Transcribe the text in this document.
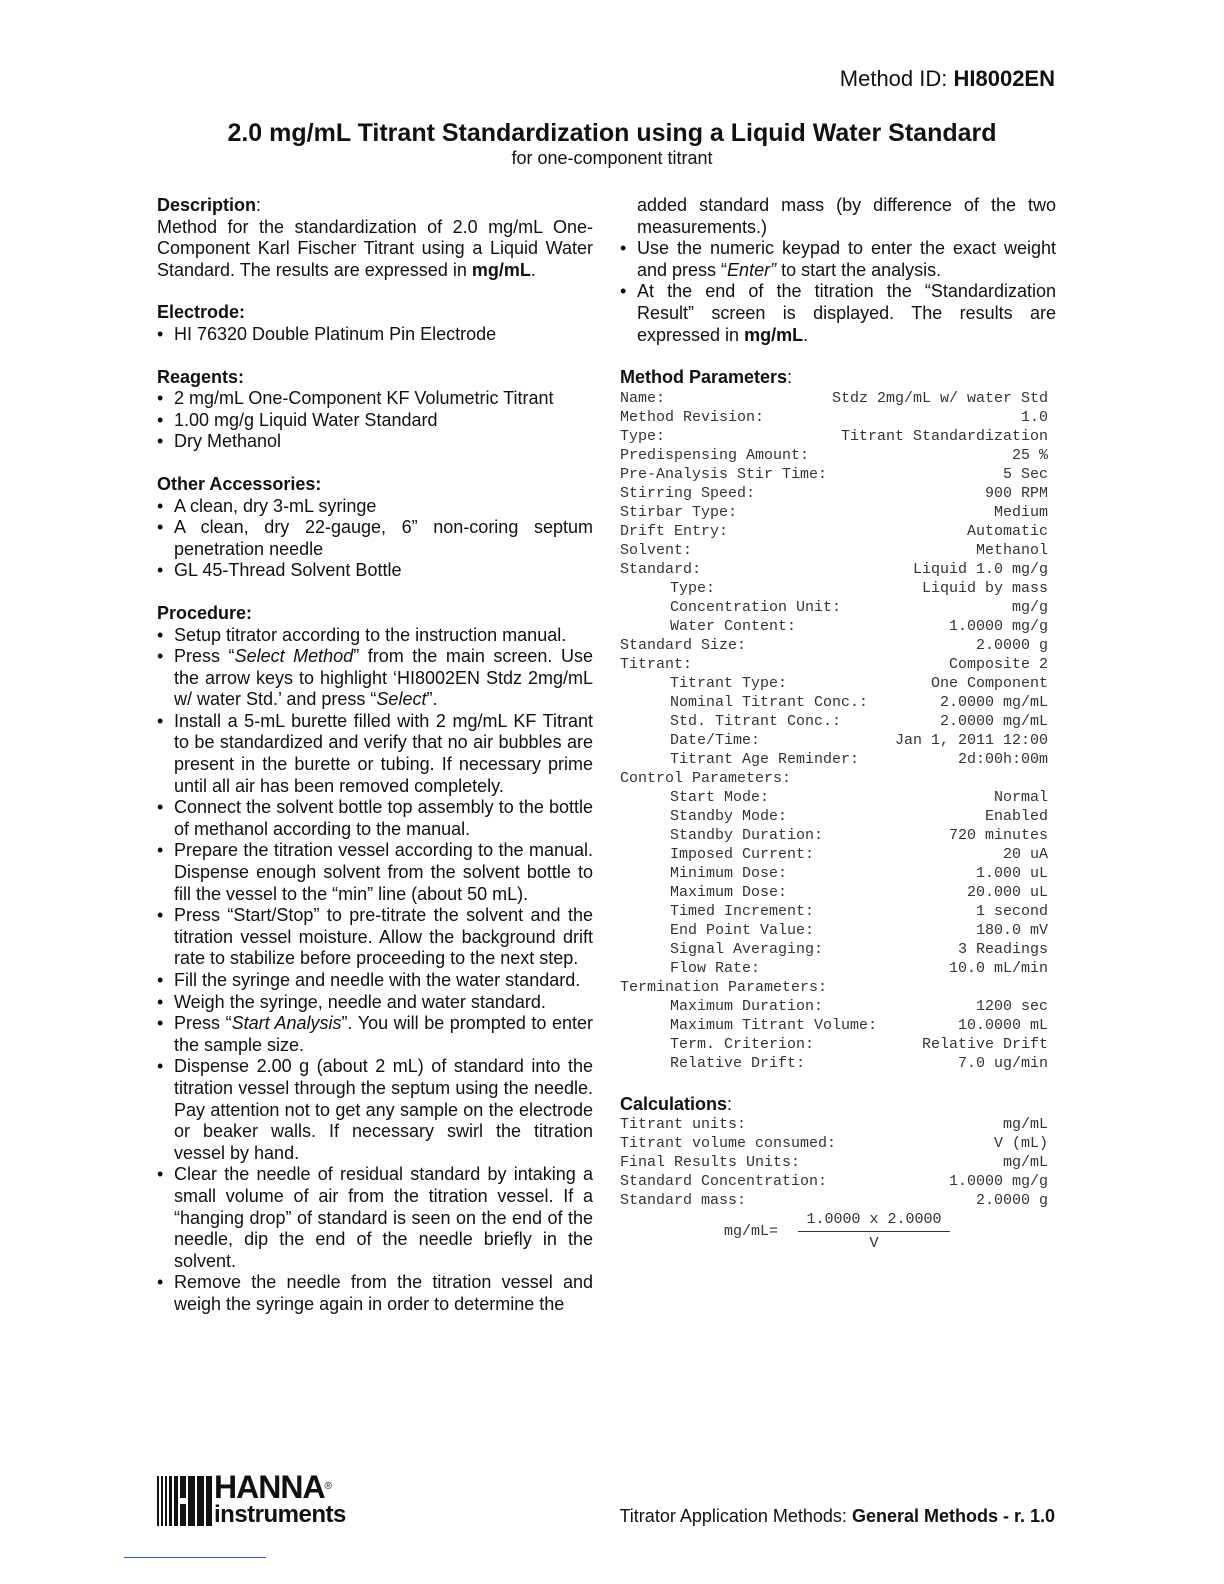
Method ID: HI8002EN
2.0 mg/mL Titrant Standardization using a Liquid Water Standard
for one-component titrant
Description:

Method for the standardization of 2.0 mg/mL One-Component Karl Fischer Titrant using a Liquid Water Standard. The results are expressed in mg/mL.

Electrode:
• HI 76320 Double Platinum Pin Electrode
Reagents:
• 2 mg/mL One-Component KF Volumetric Titrant
• 1.00 mg/g Liquid Water Standard
• Dry Methanol
Other Accessories:
• A clean, dry 3-mL syringe
• A clean, dry 22-gauge, 6” non-coring septum penetration needle
• GL 45-Thread Solvent Bottle
Procedure:
• Setup titrator according to the instruction manual.
• Press “Select Method” from the main screen. Use the arrow keys to highlight ‘HI8002EN Stdz 2mg/mL w/ water Std.’ and press “Select”.
• Install a 5-mL burette filled with 2 mg/mL KF Titrant to be standardized and verify that no air bubbles are present in the burette or tubing. If necessary prime until all air has been removed completely.
• Connect the solvent bottle top assembly to the bottle of methanol according to the manual.
• Prepare the titration vessel according to the manual. Dispense enough solvent from the solvent bottle to fill the vessel to the “min” line (about 50 mL).
• Press “Start/Stop” to pre-titrate the solvent and the titration vessel moisture. Allow the background drift rate to stabilize before proceeding to the next step.
• Fill the syringe and needle with the water standard.
• Weigh the syringe, needle and water standard.
• Press “Start Analysis”. You will be prompted to enter the sample size.
• Dispense 2.00 g (about 2 mL) of standard into the titration vessel through the septum using the needle. Pay attention not to get any sample on the electrode or beaker walls. If necessary swirl the titration vessel by hand.
• Clear the needle of residual standard by intaking a small volume of air from the titration vessel. If a “hanging drop” of standard is seen on the end of the needle, dip the end of the needle briefly in the solvent.
• Remove the needle from the titration vessel and weigh the syringe again in order to determine the
added standard mass (by difference of the two measurements.)
• Use the numeric keypad to enter the exact weight and press “Enter” to start the analysis.
• At the end of the titration the “Standardization Result” screen is displayed. The results are expressed in mg/mL.
Method Parameters:
Name:	Stdz 2mg/mL w/ water Std
Method Revision:	1.0
Type:	Titrant Standardization
Predispensing Amount:	25 %
Pre-Analysis Stir Time:	5 Sec
Stirring Speed:	900 RPM
Stirbar Type:	Medium
Drift Entry:	Automatic
Solvent:	Methanol
Standard:	Liquid 1.0 mg/g
Type:	Liquid by mass
Concentration Unit:	mg/g
Water Content:	1.0000 mg/g
Standard Size:	2.0000 g
Titrant:	Composite 2
Titrant Type:	One Component
Nominal Titrant Conc.:	2.0000 mg/mL
Std. Titrant Conc.:	2.0000 mg/mL
Date/Time:	Jan 1, 2011 12:00
Titrant Age Reminder:	2d:00h:00m
Control Parameters:
Start Mode:	Normal
Standby Mode:	Enabled
Standby Duration:	720 minutes
Imposed Current:	20 uA
Minimum Dose:	1.000 uL
Maximum Dose:	20.000 uL
Timed Increment:	1 second
End Point Value:	180.0 mV
Signal Averaging:	3 Readings
Flow Rate:	10.0 mL/min
Termination Parameters:
Maximum Duration:	1200 sec
Maximum Titrant Volume:	10.0000 mL
Term. Criterion:	Relative Drift
Relative Drift:	7.0 ug/min
Calculations:
Titrant units:	mg/mL
Titrant volume consumed:	V (mL)
Final Results Units:	mg/mL
Standard Concentration:	1.0000 mg/g
Standard mass:	2.0000 g
mg/mL=
1.0000 x 2.0000
V
HANNA®
instruments	Titrator Application Methods: General Methods - r. 1.0
